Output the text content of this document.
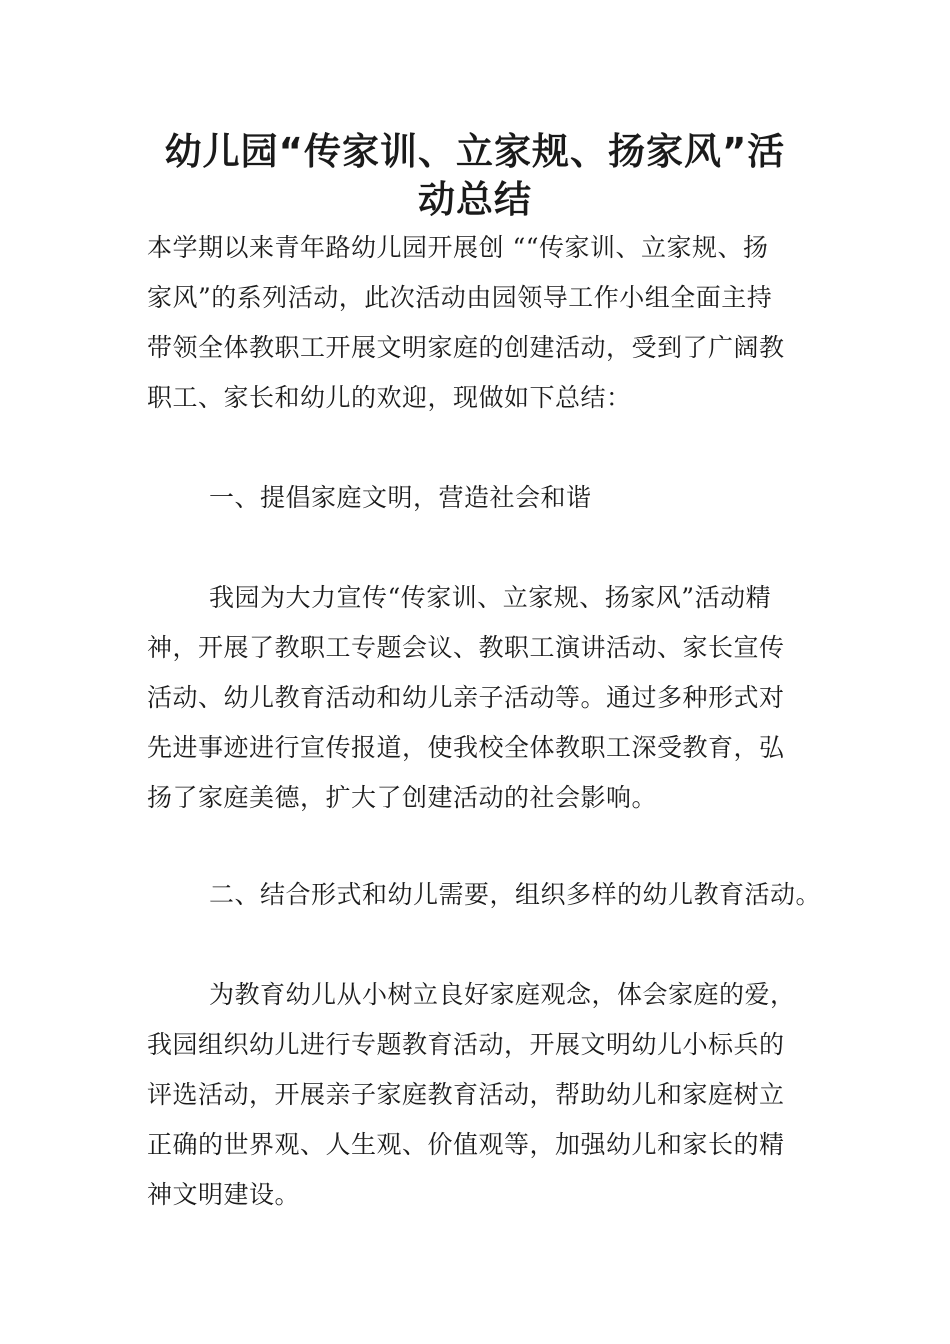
幼儿园“传家训、立家规、扬家风”活
动总结
本学期以来青年路幼儿园开展创 ““传家训、立家规、扬
家风”的系列活动，此次活动由园领导工作小组全面主持
带领全体教职工开展文明家庭的创建活动，受到了广阔教
职工、家长和幼儿的欢迎，现做如下总结：
一、提倡家庭文明，营造社会和谐
我园为大力宣传“传家训、立家规、扬家风”活动精
神，开展了教职工专题会议、教职工演讲活动、家长宣传
活动、幼儿教育活动和幼儿亲子活动等。通过多种形式对
先进事迹进行宣传报道，使我校全体教职工深受教育，弘
扬了家庭美德，扩大了创建活动的社会影响。
二、结合形式和幼儿需要，组织多样的幼儿教育活动。
为教育幼儿从小树立良好家庭观念，体会家庭的爱，
我园组织幼儿进行专题教育活动，开展文明幼儿小标兵的
评选活动，开展亲子家庭教育活动，帮助幼儿和家庭树立
正确的世界观、人生观、价值观等，加强幼儿和家长的精
神文明建设。
